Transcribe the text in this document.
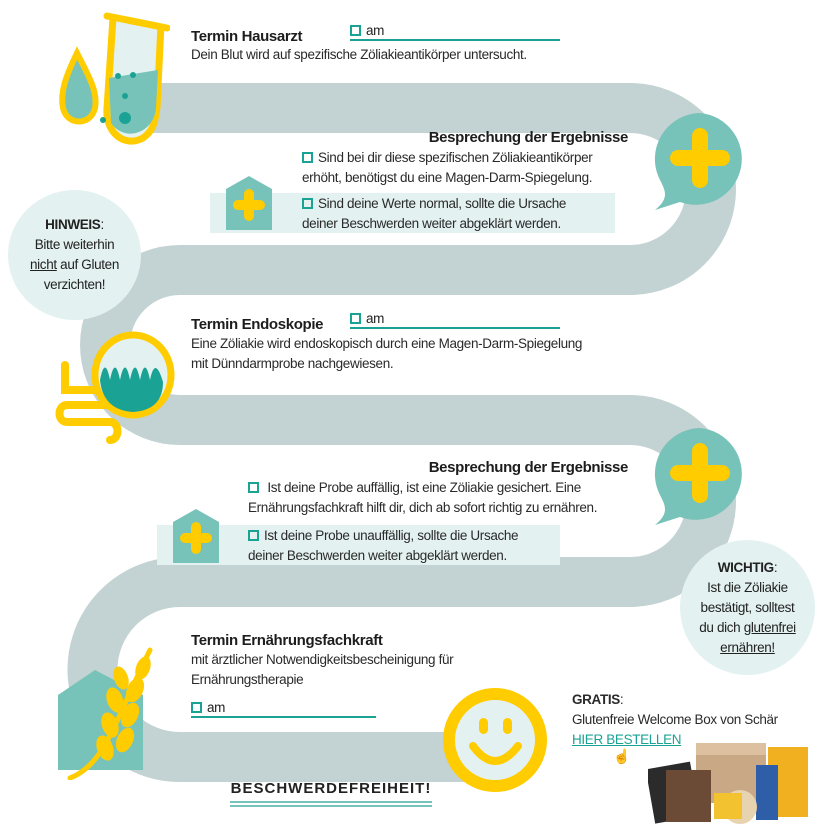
Termin Hausarzt	am
Dein Blut wird auf spezifische Zöliakieantikörper untersucht.
Besprechung der Ergebnisse
Sind bei dir diese spezifischen Zöliakieantikörper
erhöht, benötigst du eine Magen-Darm-Spiegelung.
Sind deine Werte normal, sollte die Ursache
deiner Beschwerden weiter abgeklärt werden.
HINWEIS:
Bitte weiterhin
nicht auf Gluten
verzichten!
Termin Endoskopie	am
Eine Zöliakie wird endoskopisch durch eine Magen-Darm-Spiegelung
mit Dünndarmprobe nachgewiesen.
Besprechung der Ergebnisse
Ist deine Probe auffällig, ist eine Zöliakie gesichert. Eine
Ernährungsfachkraft hilft dir, dich ab sofort richtig zu ernähren.
Ist deine Probe unauffällig, sollte die Ursache
deiner Beschwerden weiter abgeklärt werden.
WICHTIG:
Ist die Zöliakie
bestätigt, solltest
du dich glutenfrei
ernähren!
Termin Ernährungsfachkraft
mit ärztlicher Notwendigkeitsbescheinigung für
Ernährungstherapie
am
BESCHWERDEFREIHEIT!
GRATIS:
Glutenfreie Welcome Box von Schär
HIER BESTELLEN
☝
